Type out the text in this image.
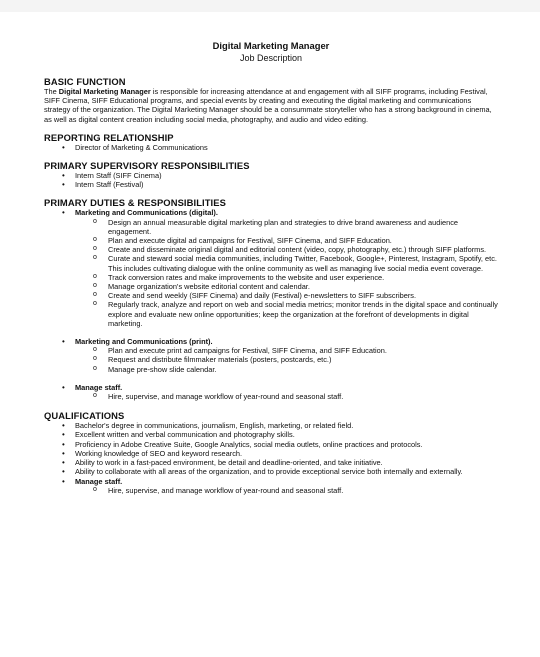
Digital Marketing Manager
Job Description
BASIC FUNCTION

The Digital Marketing Manager is responsible for increasing attendance at and engagement with all SIFF programs, including Festival, SIFF Cinema, SIFF Educational programs, and special events by creating and executing the digital marketing and communications strategy of the organization. The Digital Marketing Manager should be a consummate storyteller who has a strong background in cinema, as well as digital content creation including social media, photography, and audio and video editing.

REPORTING RELATIONSHIP
• Director of Marketing & Communications
PRIMARY SUPERVISORY RESPONSIBILITIES
• Intern Staff (SIFF Cinema)
• Intern Staff (Festival)
PRIMARY DUTIES & RESPONSIBILITIES
• Marketing and Communications (digital).
o Design an annual measurable digital marketing plan and strategies to drive brand awareness and audience engagement.
o Plan and execute digital ad campaigns for Festival, SIFF Cinema, and SIFF Education.
o Create and disseminate original digital and editorial content (video, copy, photography, etc.) through SIFF platforms.
o Curate and steward social media communities, including Twitter, Facebook, Google+, Pinterest, Instagram, Spotify, etc. This includes cultivating dialogue with the online community as well as managing live social media event coverage.
o Track conversion rates and make improvements to the website and user experience.
o Manage organization's website editorial content and calendar.
o Create and send weekly (SIFF Cinema) and daily (Festival) e-newsletters to SIFF subscribers.
o Regularly track, analyze and report on web and social media metrics; monitor trends in the digital space and continually explore and evaluate new online opportunities; keep the organization at the forefront of developments in digital marketing.
• Marketing and Communications (print).
o Plan and execute print ad campaigns for Festival, SIFF Cinema, and SIFF Education.
o Request and distribute filmmaker materials (posters, postcards, etc.)
o Manage pre-show slide calendar.
• Manage staff.
o Hire, supervise, and manage workflow of year-round and seasonal staff.
QUALIFICATIONS
• Bachelor's degree in communications, journalism, English, marketing, or related field.
• Excellent written and verbal communication and photography skills.
• Proficiency in Adobe Creative Suite, Google Analytics, social media outlets, online practices and protocols.
• Working knowledge of SEO and keyword research.
• Ability to work in a fast-paced environment, be detail and deadline-oriented, and take initiative.
• Ability to collaborate with all areas of the organization, and to provide exceptional service both internally and externally.
• Manage staff.
o Hire, supervise, and manage workflow of year-round and seasonal staff.
